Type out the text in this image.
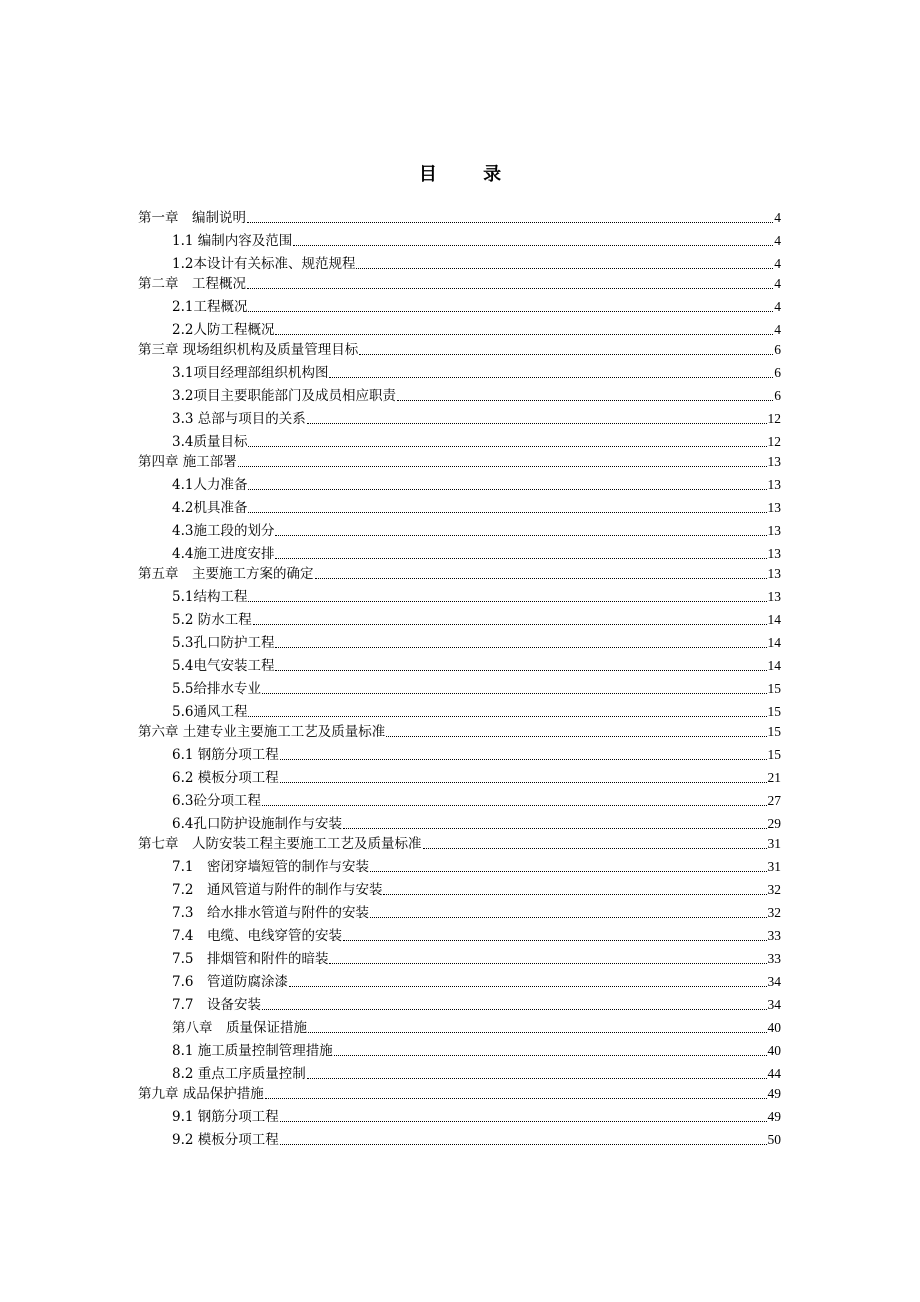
目 录
第一章　编制说明	4
1.1 编制内容及范围	4
1.2本设计有关标准、规范规程	4
第二章　工程概况	4
2.1工程概况	4
2.2人防工程概况	4
第三章 现场组织机构及质量管理目标	6
3.1项目经理部组织机构图	6
3.2项目主要职能部门及成员相应职责	6
3.3 总部与项目的关系	12
3.4质量目标	12
第四章 施工部署	13
4.1人力准备	13
4.2机具准备	13
4.3施工段的划分	13
4.4施工进度安排	13
第五章　主要施工方案的确定	13
5.1结构工程	13
5.2 防水工程	14
5.3孔口防护工程	14
5.4电气安装工程	14
5.5给排水专业	15
5.6通风工程	15
第六章 土建专业主要施工工艺及质量标准	15
6.1 钢筋分项工程	15
6.2 模板分项工程	21
6.3砼分项工程	27
6.4孔口防护设施制作与安装	29
第七章　人防安装工程主要施工工艺及质量标准	31
7.1　密闭穿墙短管的制作与安装	31
7.2　通风管道与附件的制作与安装	32
7.3　给水排水管道与附件的安装	32
7.4　电缆、电线穿管的安装	33
7.5　排烟管和附件的暗装	33
7.6　管道防腐涂漆	34
7.7　设备安装	34
第八章　质量保证措施	40
8.1 施工质量控制管理措施	40
8.2 重点工序质量控制	44
第九章 成品保护措施	49
9.1 钢筋分项工程	49
9.2 模板分项工程	50
